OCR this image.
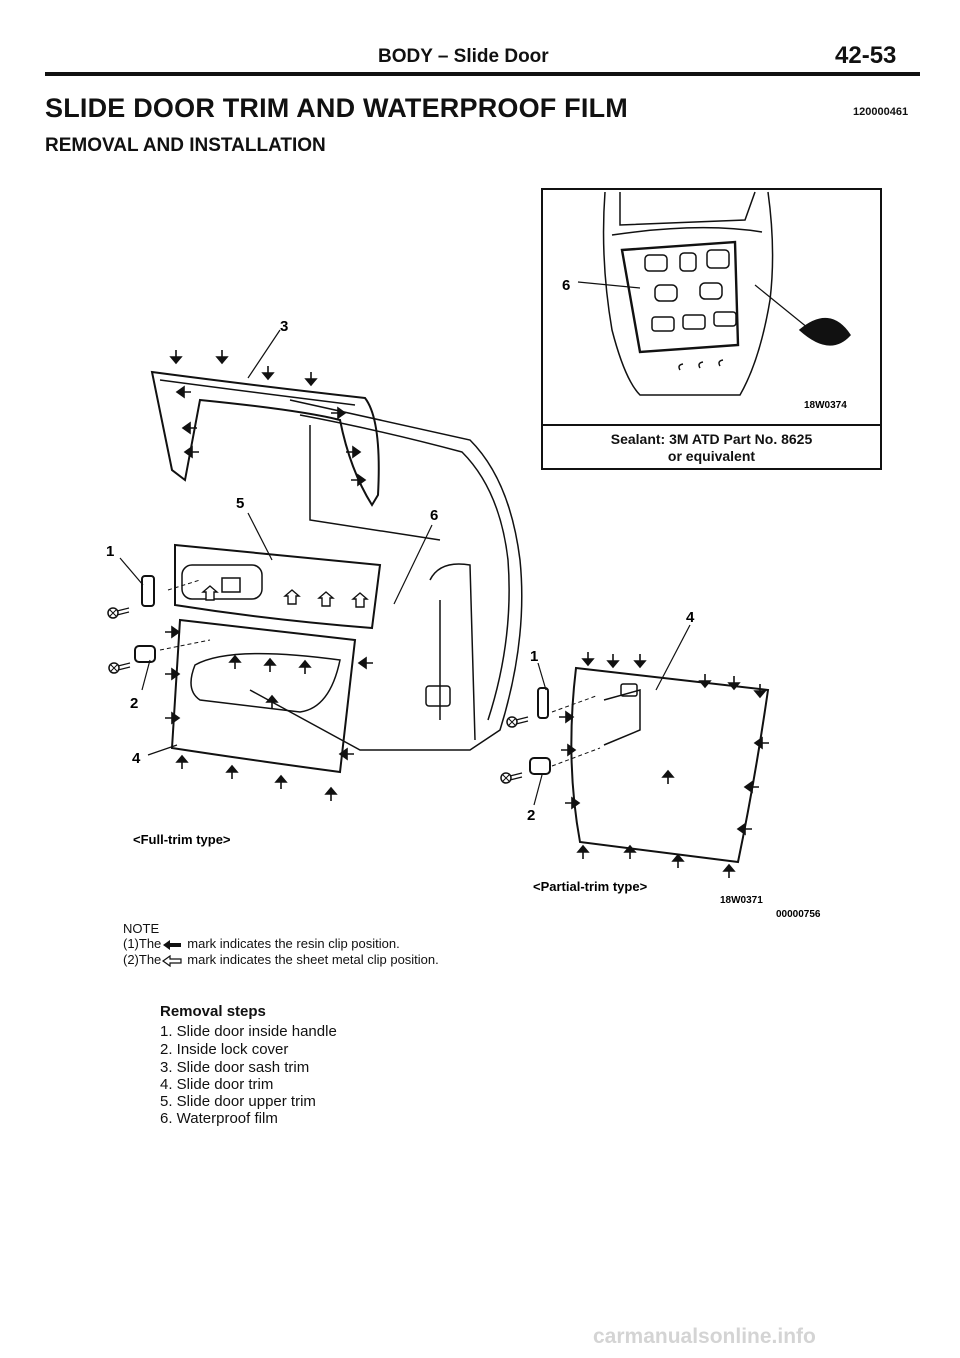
BODY – Slide Door	42-53
SLIDE DOOR TRIM AND WATERPROOF FILM	120000461
REMOVAL AND INSTALLATION
Sealant: 3M ATD Part No. 8625
or equivalent
6
18W0374
3
5
6
1
2
4
4
1
2
<Full-trim type>
<Partial-trim type>
18W0371
00000756
NOTE
(1)The mark indicates the resin clip position.
(2)The mark indicates the sheet metal clip position.
Removal steps
1. Slide door inside handle
2. Inside lock cover
3. Slide door sash trim
4. Slide door trim
5. Slide door upper trim
6. Waterproof film
carmanualsonline.info
